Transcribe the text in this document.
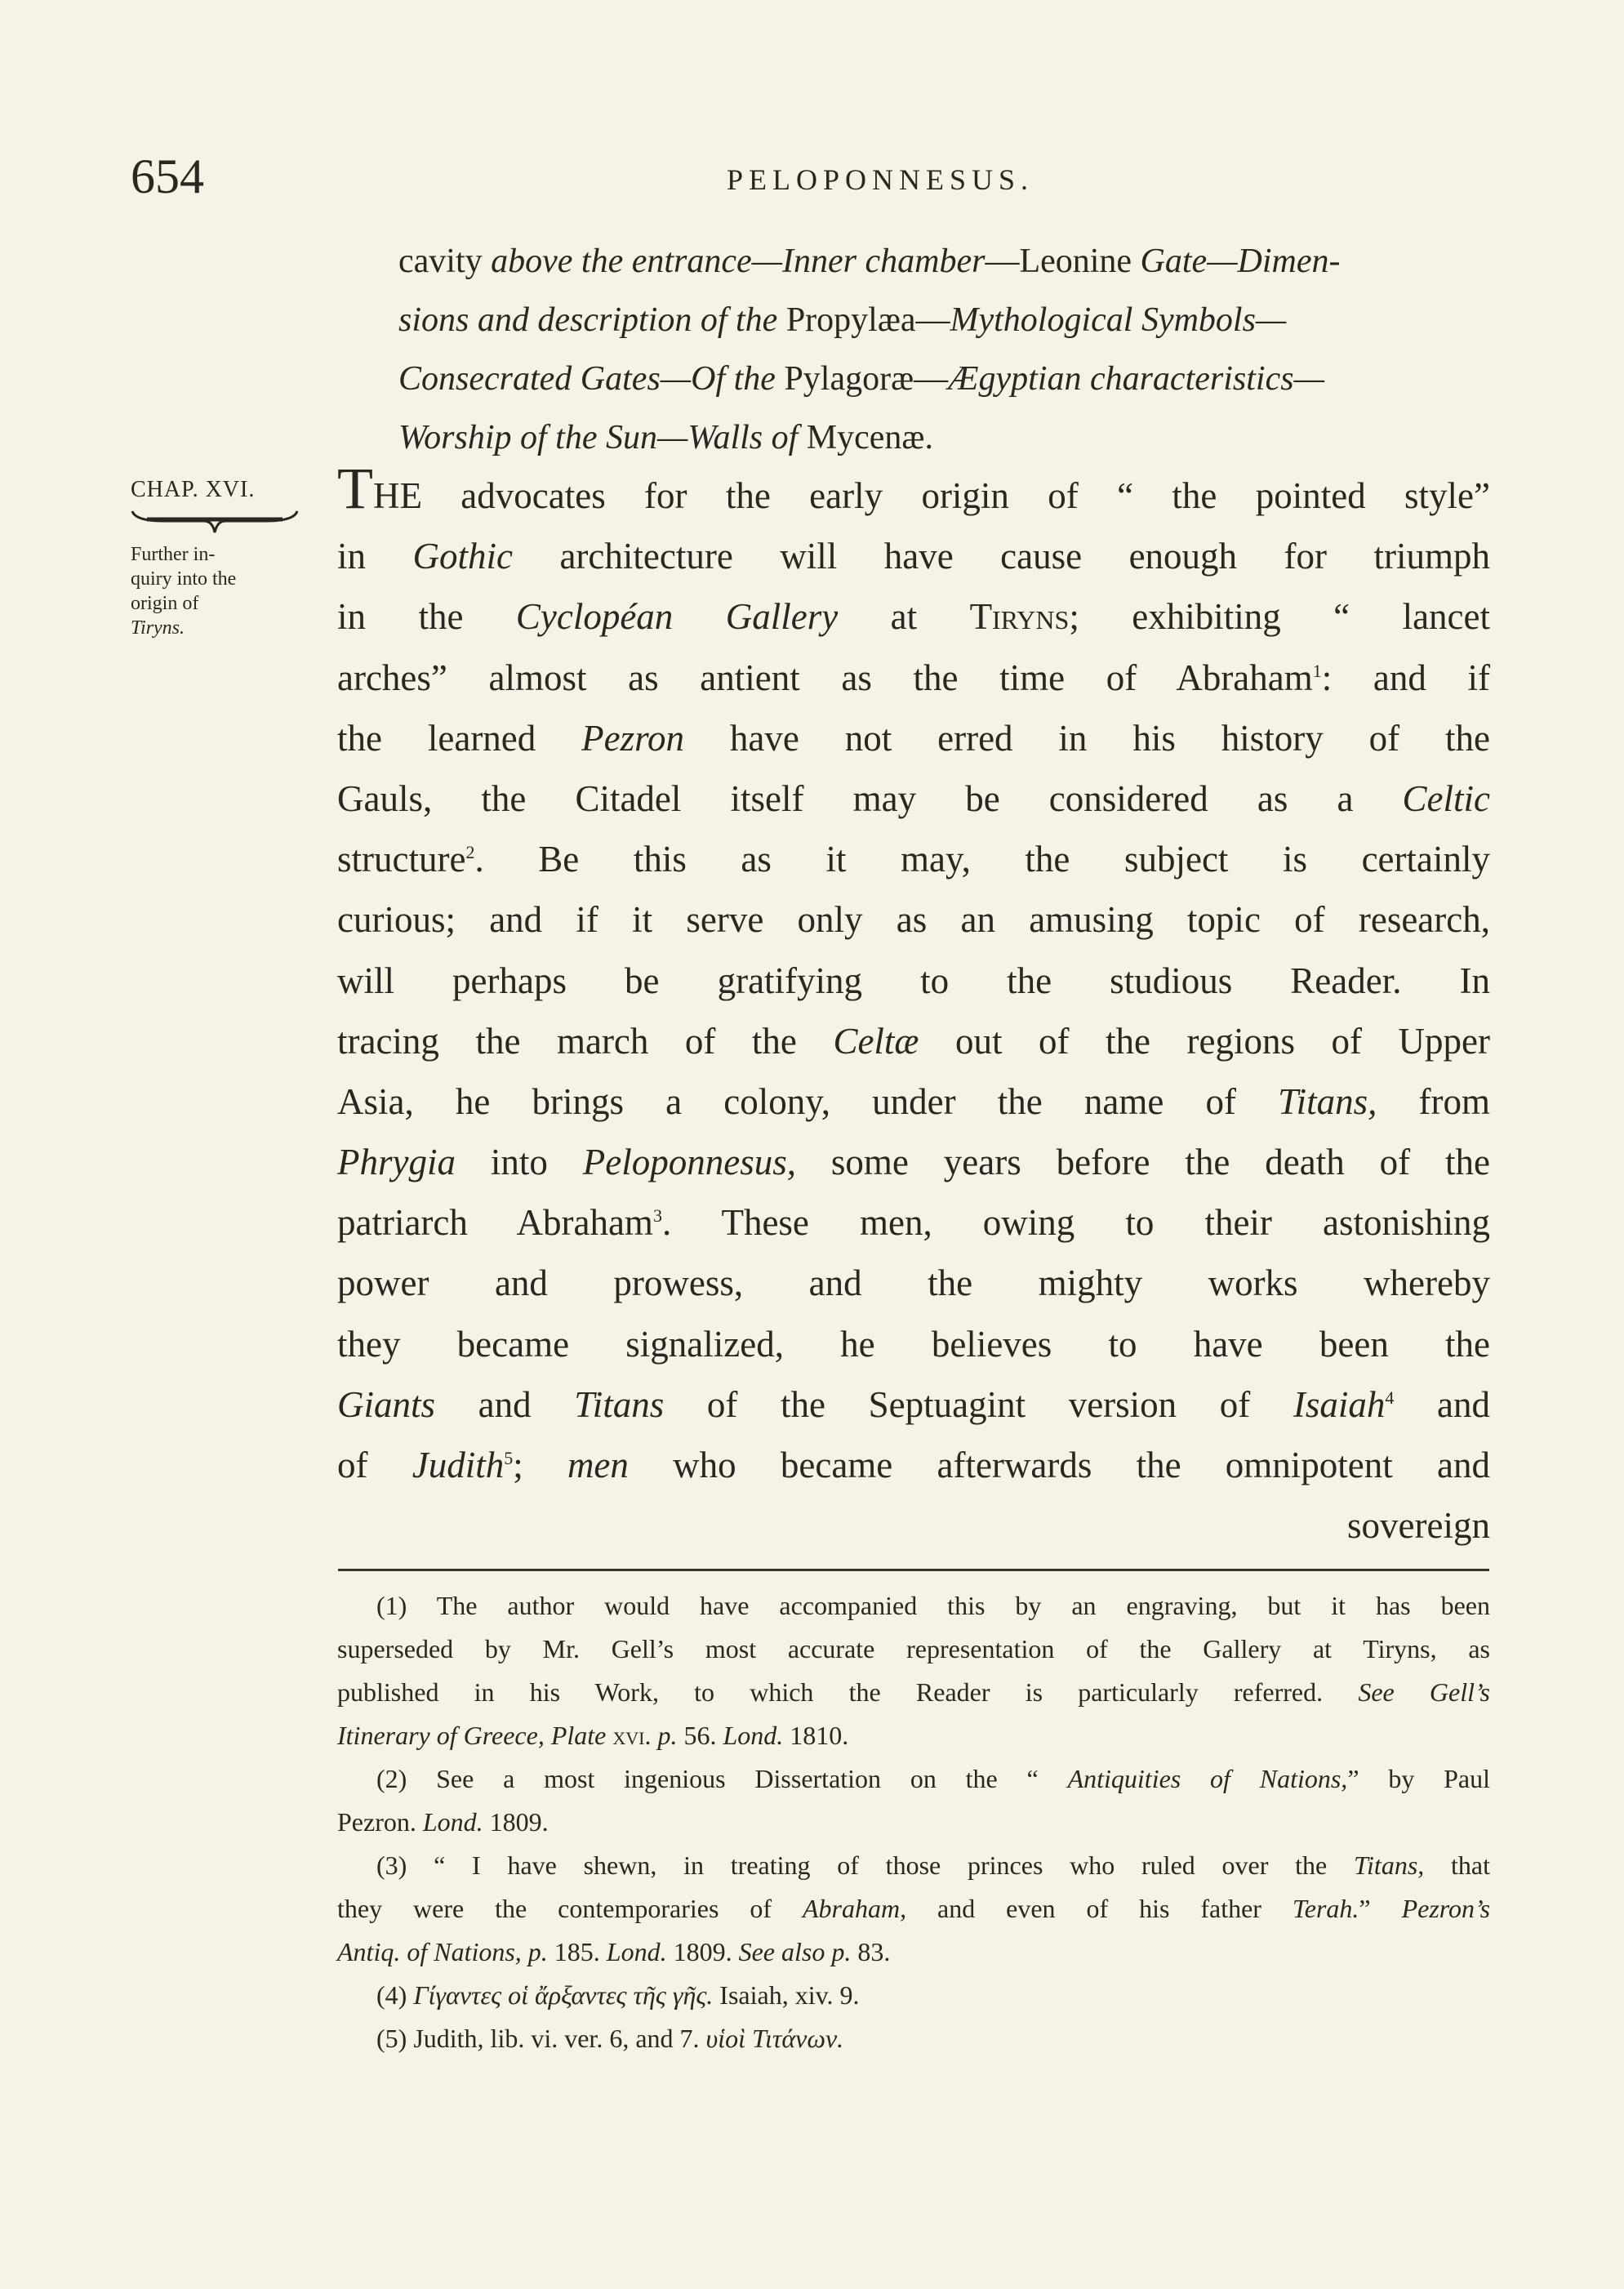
654	PELOPONNESUS.
cavity above the entrance—Inner chamber—Leonine Gate—Dimen-
sions and description of the Propylæa—Mythological Symbols—
Consecrated Gates—Of the Pylagoræ—Ægyptian characteristics—
Worship of the Sun—Walls of Mycenæ.
CHAP. XVI.
Further in-
quiry into the
origin of
Tiryns.
THE advocates for the early origin of “ the pointed style”
in Gothic architecture will have cause enough for triumph
in the Cyclopéan Gallery at Tiryns; exhibiting “ lancet
arches” almost as antient as the time of Abraham$^1$: and if
the learned Pezron have not erred in his history of the
Gauls, the Citadel itself may be considered as a Celtic
structure$^2$. Be this as it may, the subject is certainly
curious; and if it serve only as an amusing topic of research,
will perhaps be gratifying to the studious Reader. In
tracing the march of the Celtæ out of the regions of Upper
Asia, he brings a colony, under the name of Titans, from
Phrygia into Peloponnesus, some years before the death of the
patriarch Abraham$^3$. These men, owing to their astonishing
power and prowess, and the mighty works whereby
they became signalized, he believes to have been the
Giants and Titans of the Septuagint version of Isaiah$^4$ and
of Judith$^5$; men who became afterwards the omnipotent and
sovereign
(1) The author would have accompanied this by an engraving, but it has been
superseded by Mr. Gell’s most accurate representation of the Gallery at Tiryns, as
published in his Work, to which the Reader is particularly referred. See Gell’s
Itinerary of Greece, Plate xvi. p. 56. Lond. 1810.
(2) See a most ingenious Dissertation on the “ Antiquities of Nations,” by Paul
Pezron. Lond. 1809.
(3) “ I have shewn, in treating of those princes who ruled over the Titans, that
they were the contemporaries of Abraham, and even of his father Terah.” Pezron’s
Antiq. of Nations, p. 185. Lond. 1809. See also p. 83.
(4) Γίγαντες οἱ ἄρξαντες τῆς γῆς. Isaiah, xiv. 9.
(5) Judith, lib. vi. ver. 6, and 7. υἱοὶ Τιτάνων.
